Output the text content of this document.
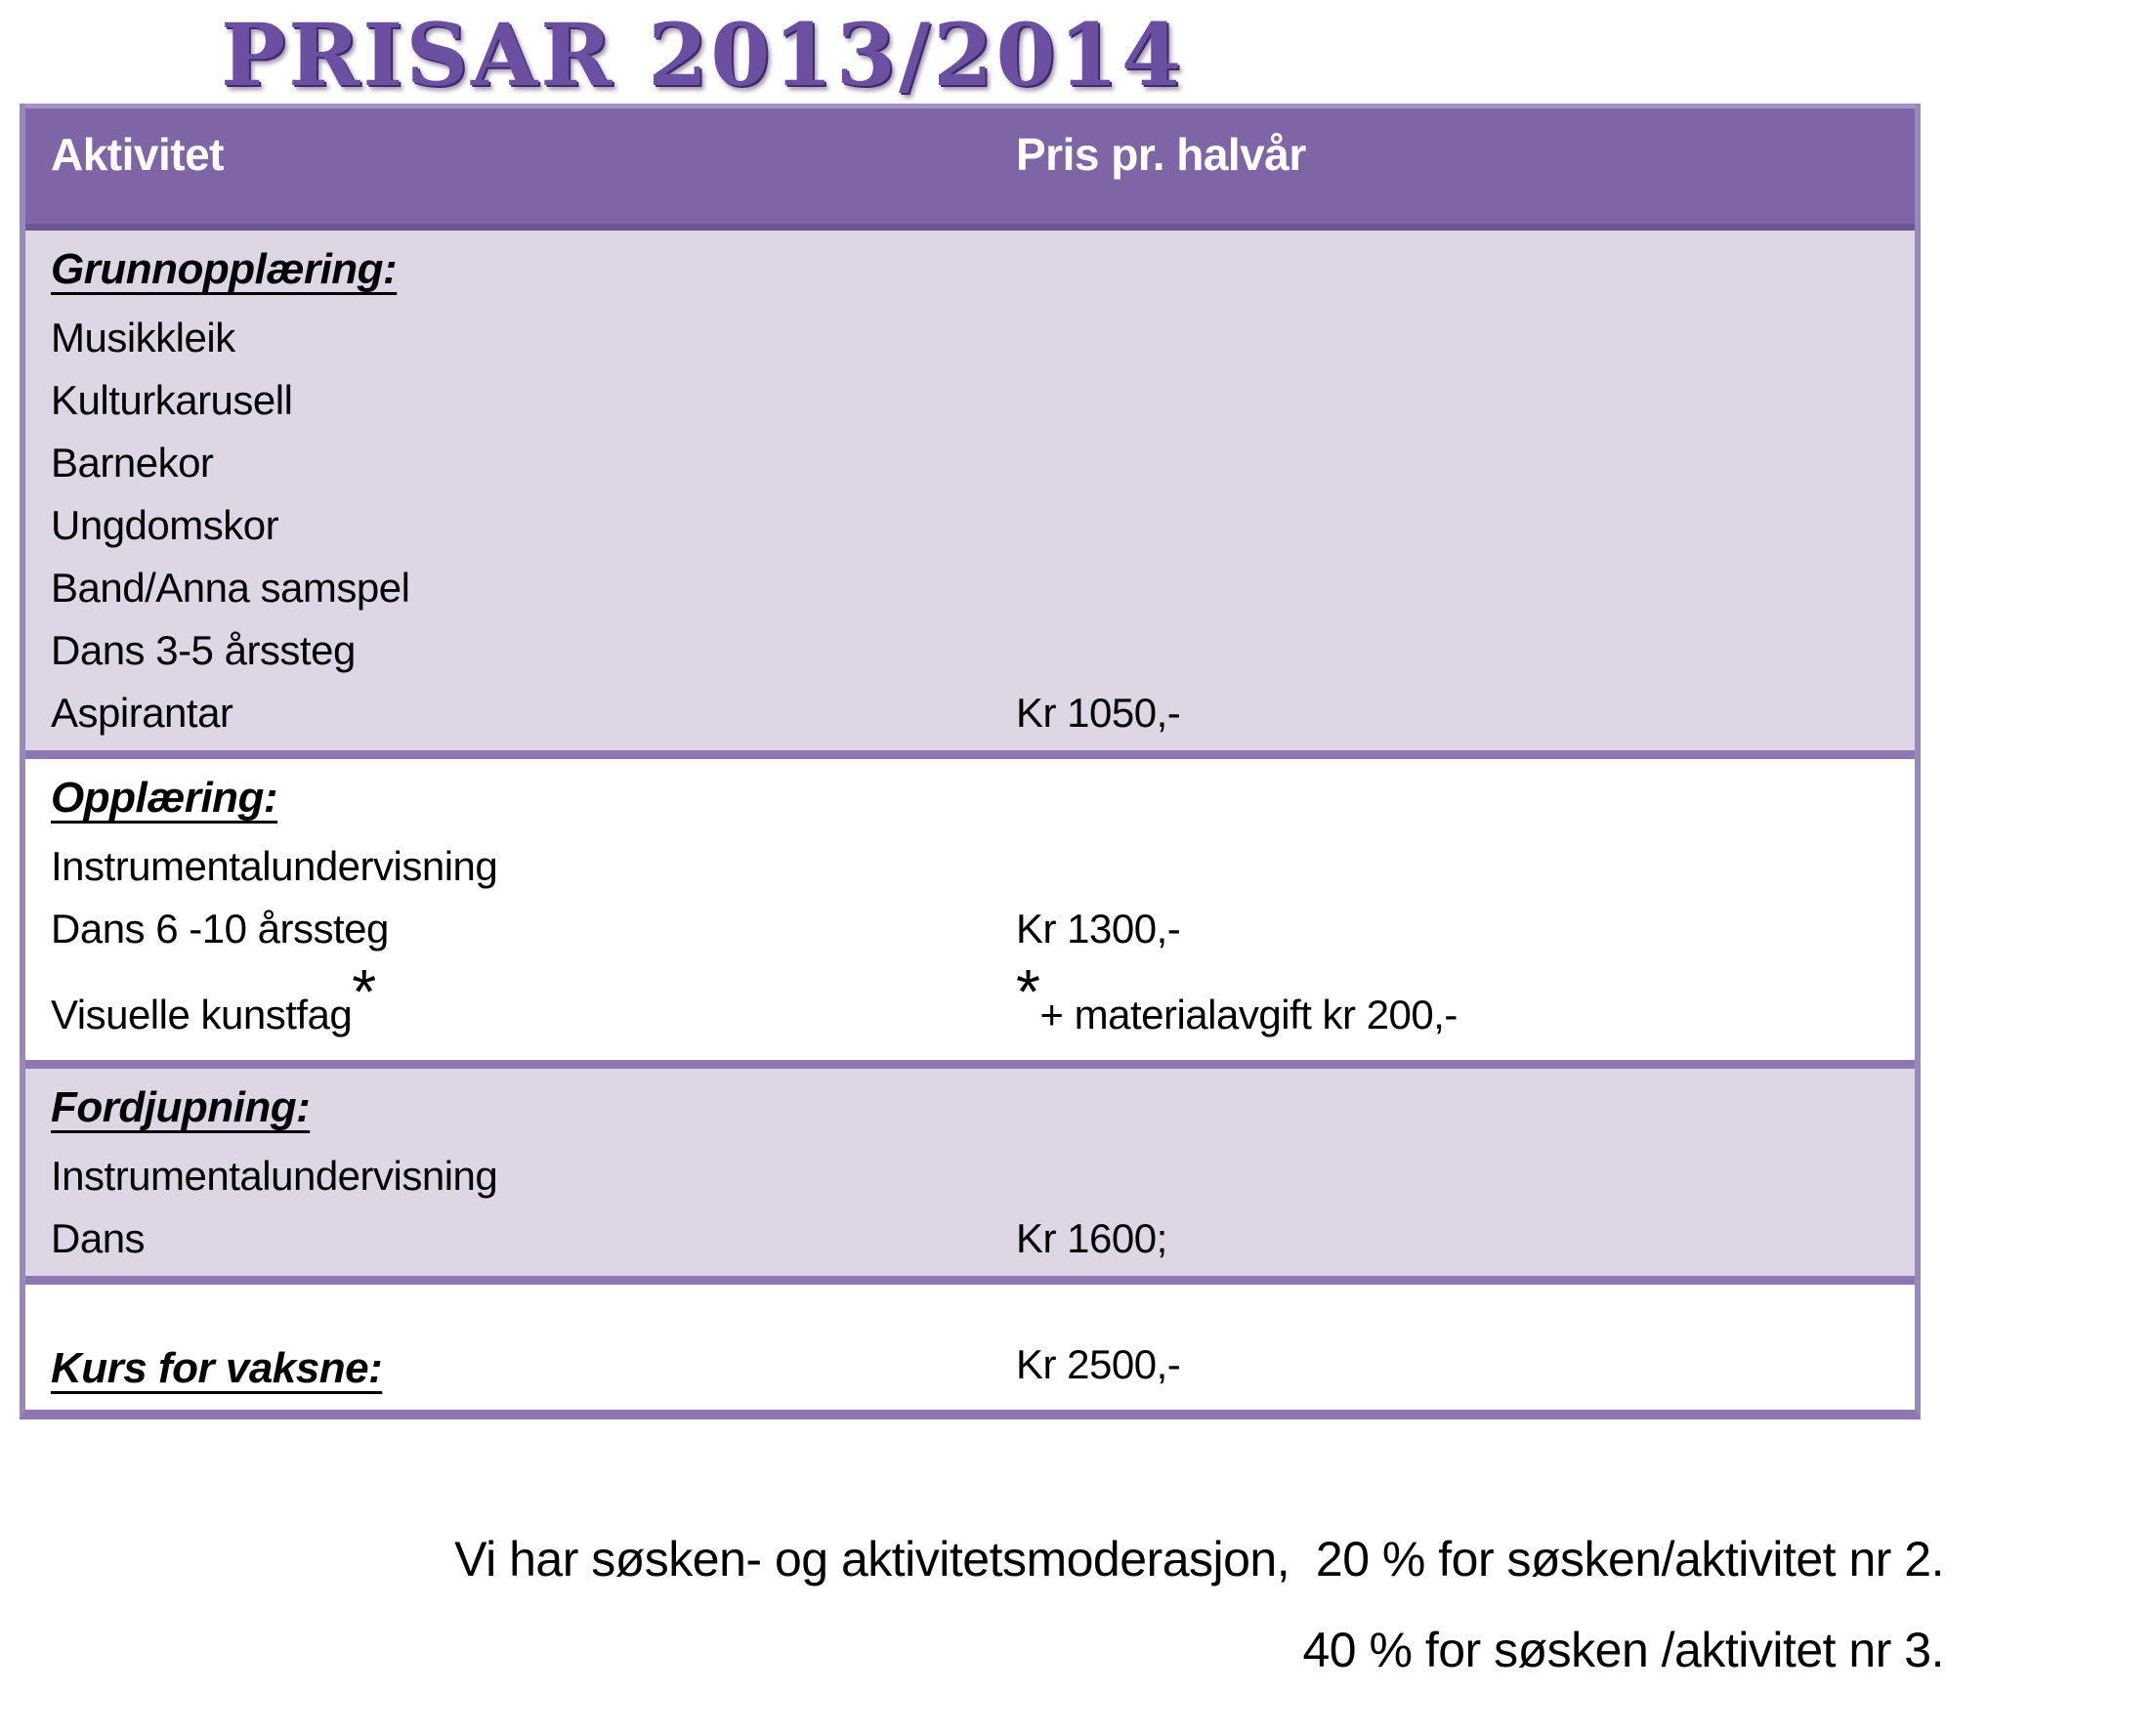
PRISAR 2013/2014
Aktivitet	Pris pr. halvår
Grunnopplæring:
Musikkleik
Kulturkarusell
Barnekor
Ungdomskor
Band/Anna samspel
Dans 3-5 årssteg
Aspirantar	Kr 1050,-
Opplæring:
Instrumentalundervisning
Dans 6 -10 årssteg	Kr 1300,-
Visuelle kunstfag*	*+ materialavgift kr 200,-
Fordjupning:
Instrumentalundervisning
Dans	Kr 1600;
Kurs for vaksne:	Kr 2500,-
Vi har søsken- og aktivitetsmoderasjon,  20 % for søsken/aktivitet nr 2.
40 % for søsken /aktivitet nr 3.
